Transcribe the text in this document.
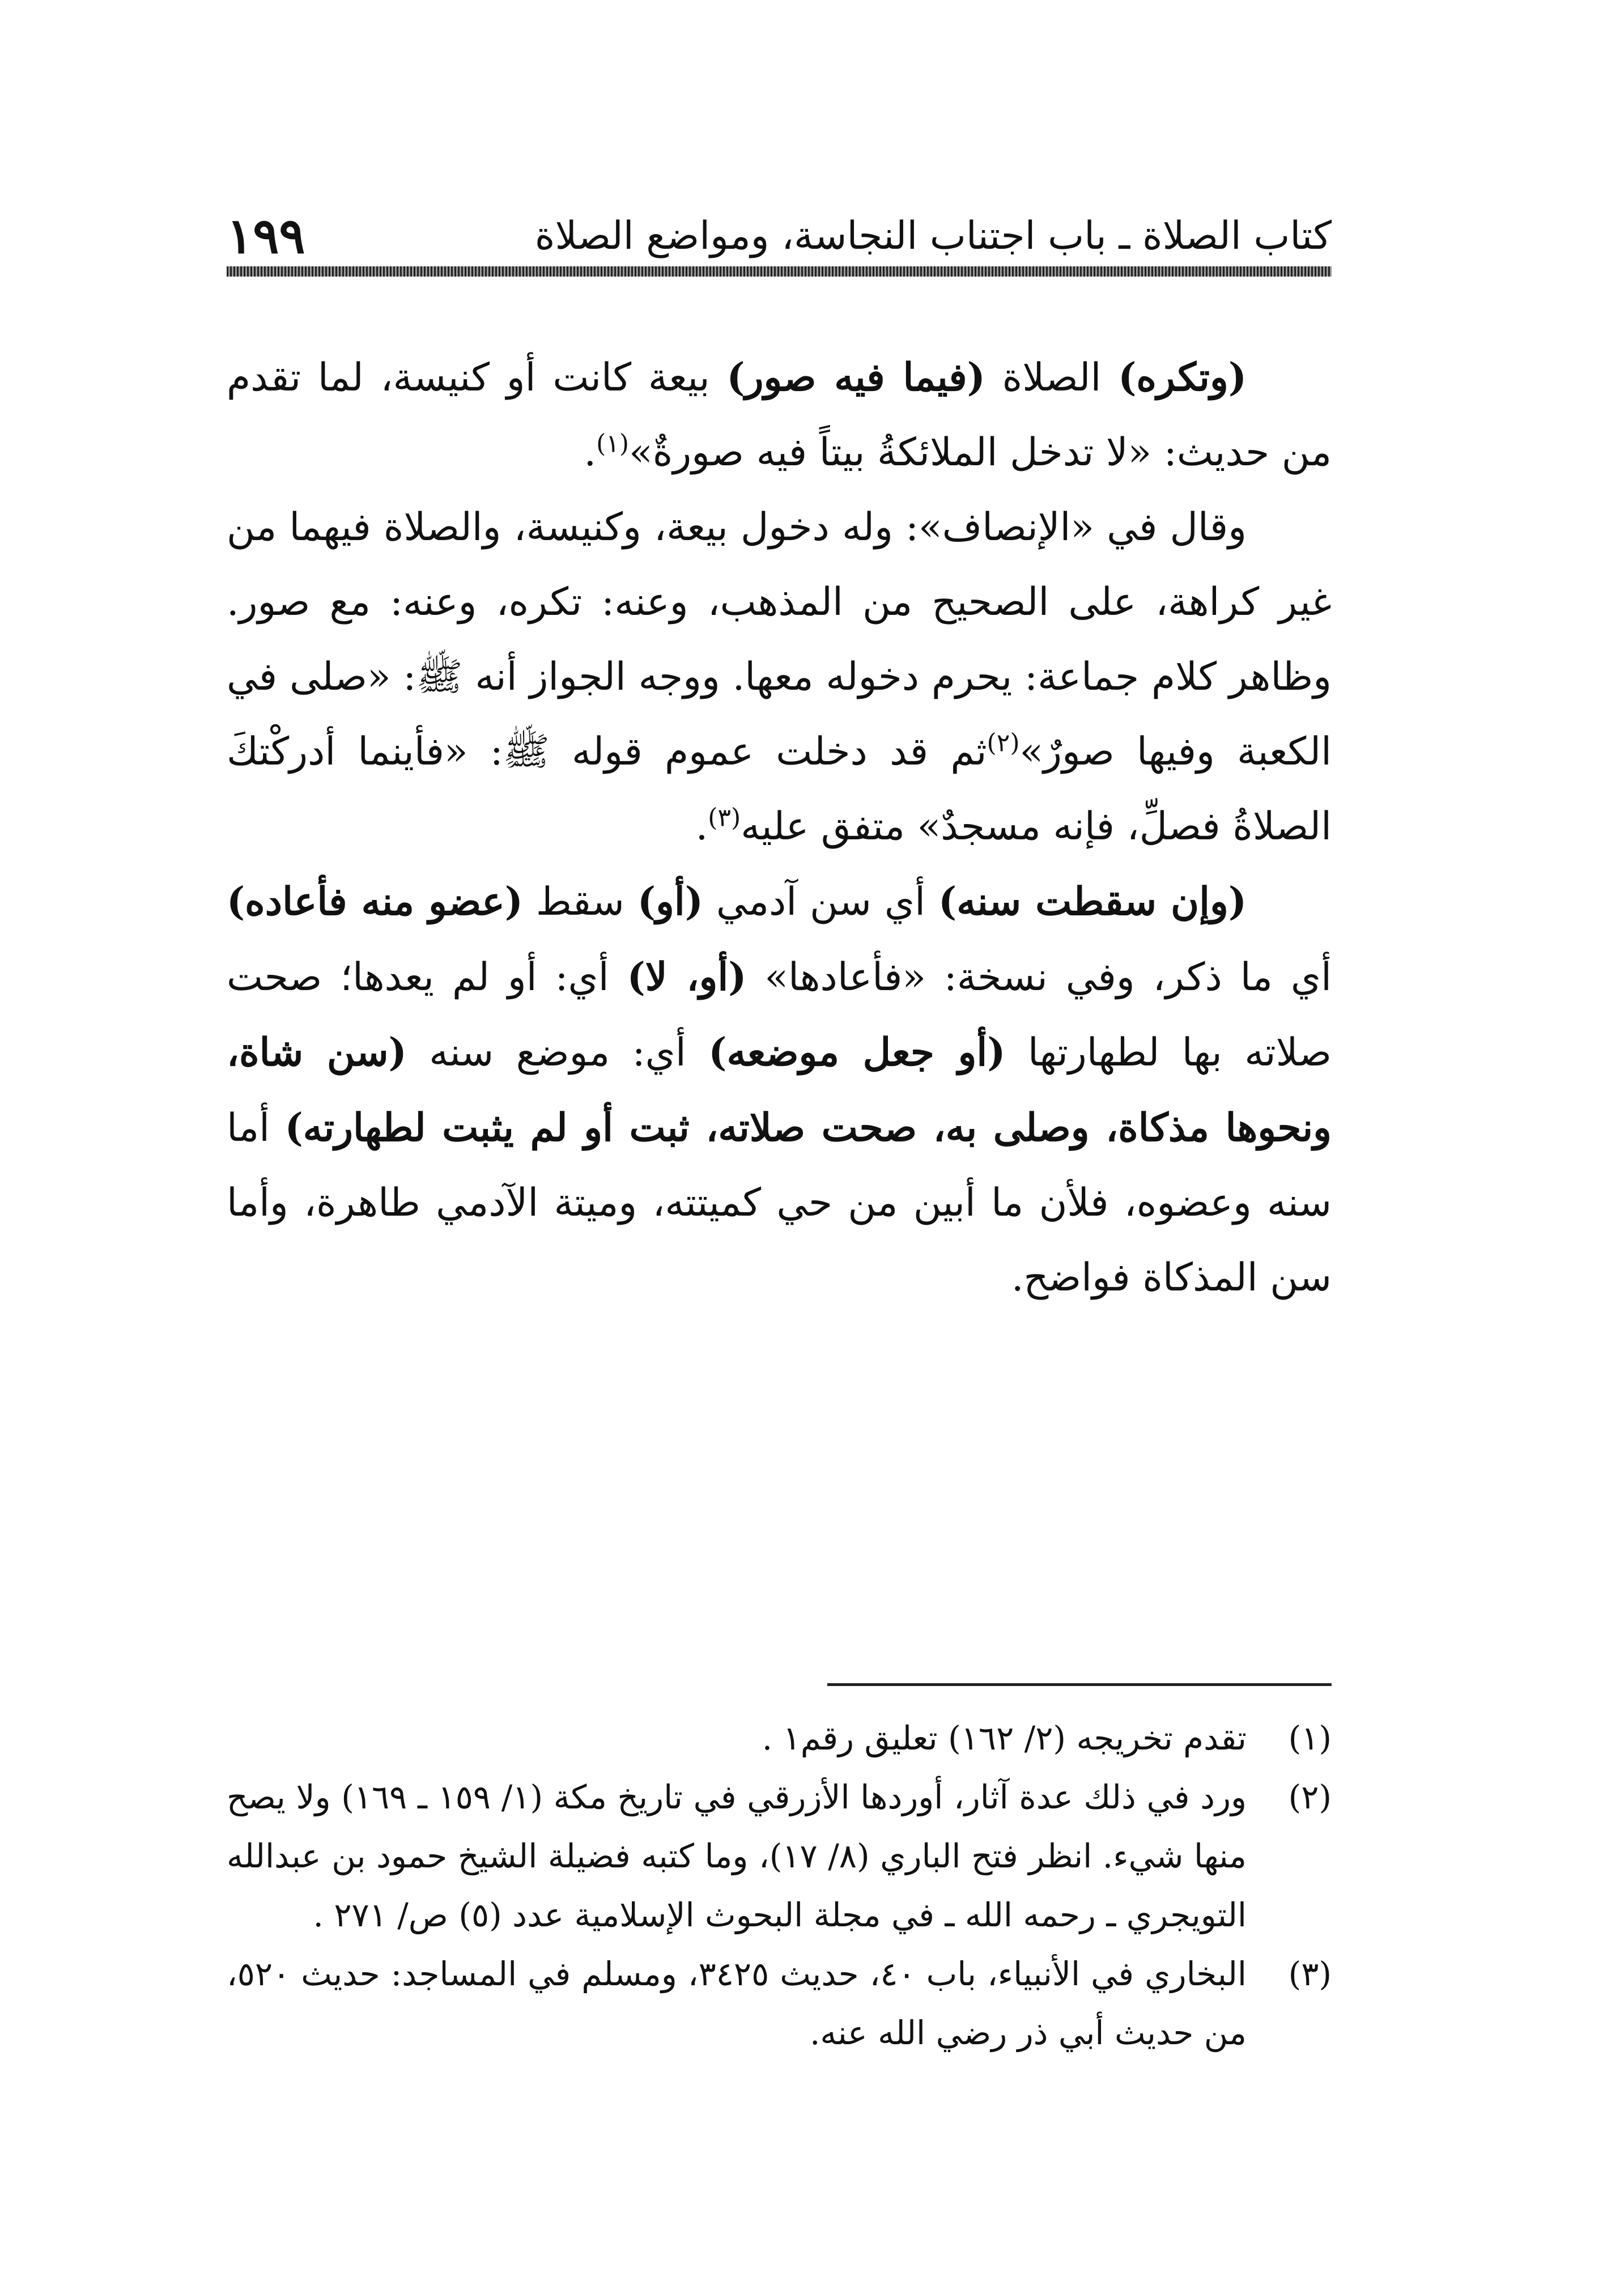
١٩٩	كتاب الصلاة ـ باب اجتناب النجاسة، ومواضع الصلاة

(وتكره) الصلاة (فيما فيه صور) بيعة كانت أو كنيسة، لما تقدم من حديث: «لا تدخل الملائكةُ بيتاً فيه صورةٌ»$^{(١)}$.

وقال في «الإنصاف»: وله دخول بيعة، وكنيسة، والصلاة فيهما من غير كراهة، على الصحيح من المذهب، وعنه: تكره، وعنه: مع صور. وظاهر كلام جماعة: يحرم دخوله معها. ووجه الجواز أنه ﷺ: «صلى في الكعبة وفيها صورٌ»$^{(٢)}$ثم قد دخلت عموم قوله ﷺ: «فأينما أدركْتكَ الصلاةُ فصلِّ، فإنه مسجدٌ» متفق عليه$^{(٣)}$.

(وإن سقطت سنه) أي سن آدمي (أو) سقط (عضو منه فأعاده) أي ما ذكر، وفي نسخة: «فأعادها» (أو، لا) أي: أو لم يعدها؛ صحت صلاته بها لطهارتها (أو جعل موضعه) أي: موضع سنه (سن شاة، ونحوها مذكاة، وصلى به، صحت صلاته، ثبت أو لم يثبت لطهارته) أما سنه وعضوه، فلأن ما أبين من حي كميتته، وميتة الآدمي طاهرة، وأما سن المذكاة فواضح.

(١)
تقدم تخريجه (٢/ ١٦٢) تعليق رقم١ .

(٢)
ورد في ذلك عدة آثار، أوردها الأزرقي في تاريخ مكة (١/ ١٥٩ ـ ١٦٩) ولا يصح منها شيء. انظر فتح الباري (٨/ ١٧)، وما كتبه فضيلة الشيخ حمود بن عبدالله التويجري ـ رحمه الله ـ في مجلة البحوث الإسلامية عدد (٥) ص/ ٢٧١ .

(٣)
البخاري في الأنبياء، باب ٤٠، حديث ٣٤٢٥، ومسلم في المساجد: حديث ٥٢٠، من حديث أبي ذر رضي الله عنه.
